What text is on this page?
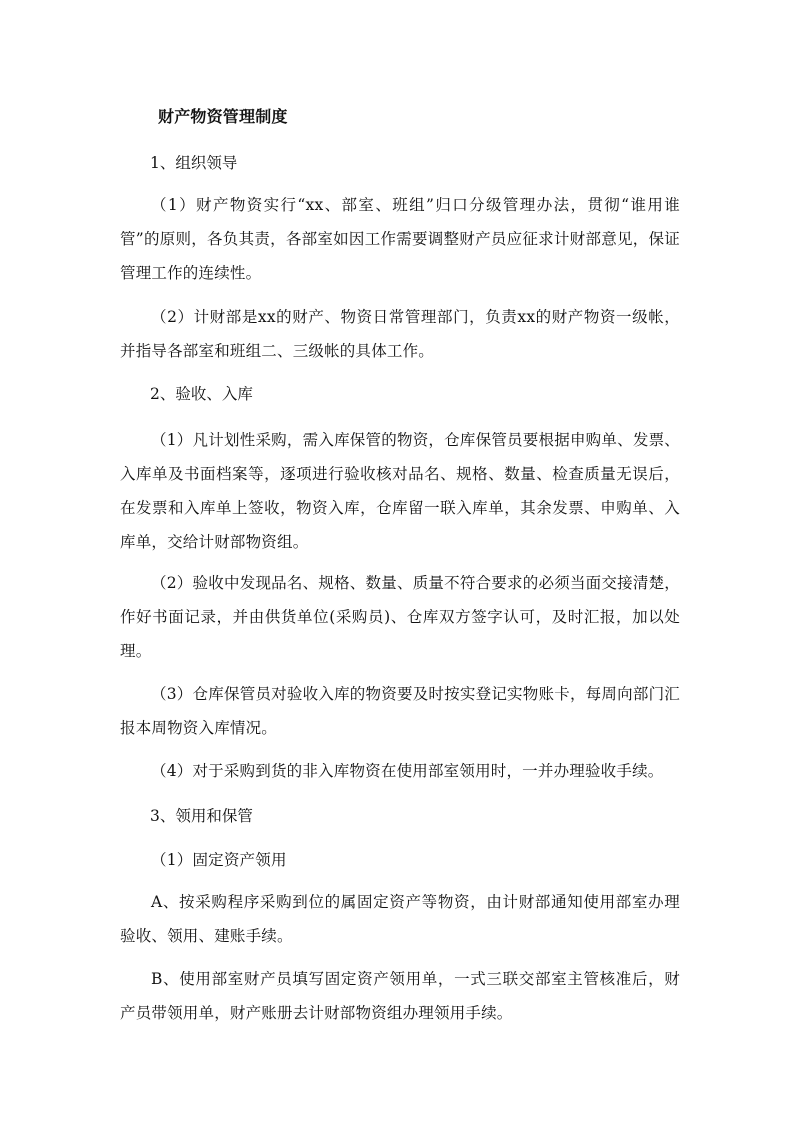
财产物资管理制度
1、组织领导

（1）财产物资实行“xx、部室、班组”归口分级管理办法，贯彻“谁用谁管”的原则，各负其责，各部室如因工作需要调整财产员应征求计财部意见，保证管理工作的连续性。

（2）计财部是xx的财产、物资日常管理部门，负责xx的财产物资一级帐，并指导各部室和班组二、三级帐的具体工作。

2、验收、入库

（1）凡计划性采购，需入库保管的物资，仓库保管员要根据申购单、发票、入库单及书面档案等，逐项进行验收核对品名、规格、数量、检查质量无误后，在发票和入库单上签收，物资入库，仓库留一联入库单，其余发票、申购单、入库单，交给计财部物资组。

（2）验收中发现品名、规格、数量、质量不符合要求的必须当面交接清楚，作好书面记录，并由供货单位(采购员)、仓库双方签字认可，及时汇报，加以处理。

（3）仓库保管员对验收入库的物资要及时按实登记实物账卡，每周向部门汇报本周物资入库情况。

（4）对于采购到货的非入库物资在使用部室领用时，一并办理验收手续。

3、领用和保管

（1）固定资产领用

A、按采购程序采购到位的属固定资产等物资，由计财部通知使用部室办理验收、领用、建账手续。

B、使用部室财产员填写固定资产领用单，一式三联交部室主管核准后，财产员带领用单，财产账册去计财部物资组办理领用手续。
